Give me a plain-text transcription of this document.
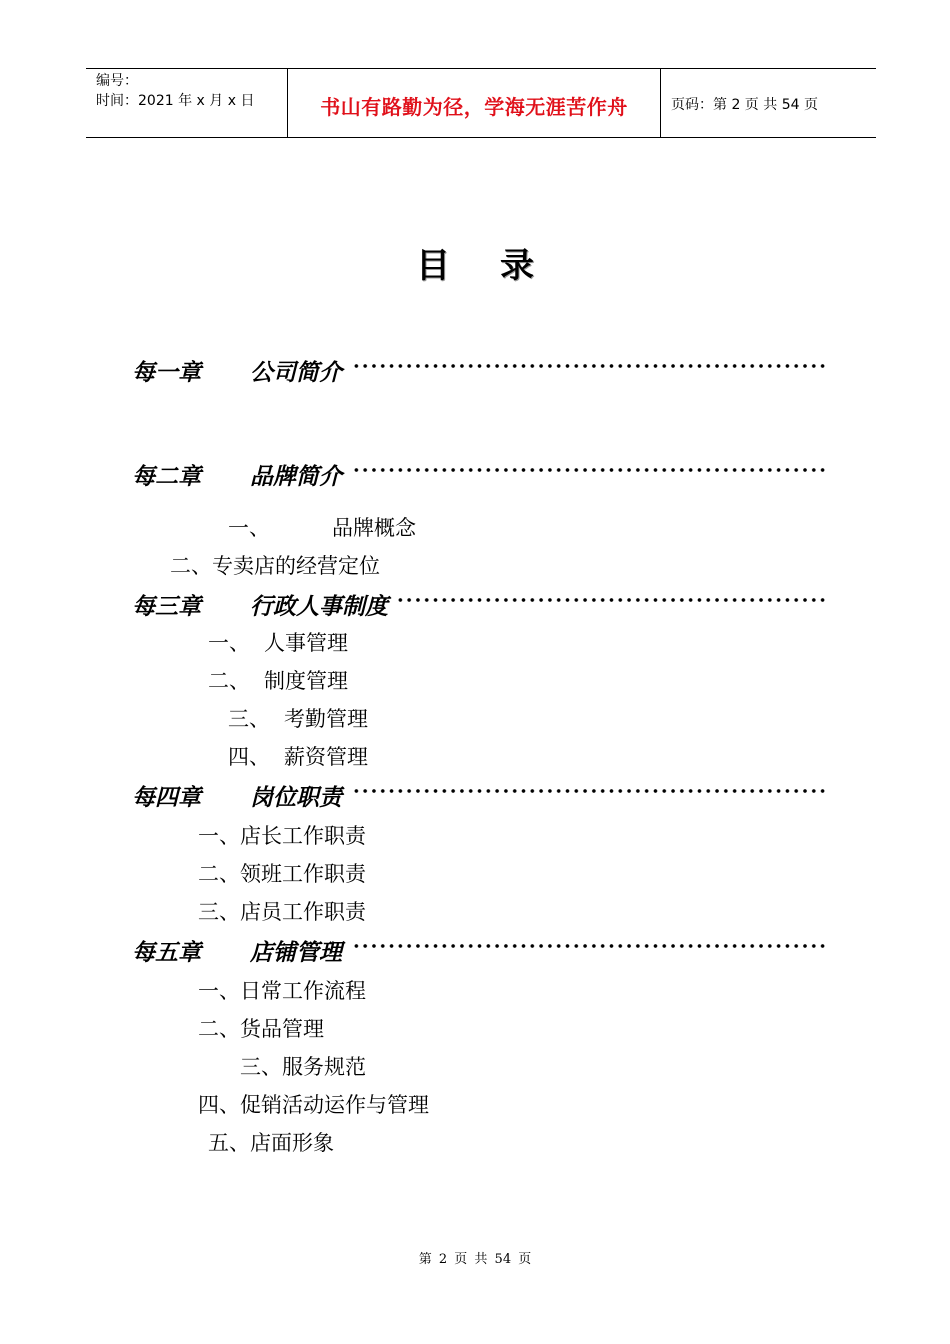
编号：
时间：2021 年 x 月 x 日	书山有路勤为径，学海无涯苦作舟	页码：第 2 页 共 54 页
目录
每一章 公司简介
每二章 品牌简介
一、	品牌概念
二、专卖店的经营定位
每三章 行政人事制度
一、 人事管理
二、 制度管理
三、 考勤管理
四、 薪资管理
每四章 岗位职责
一、店长工作职责
二、领班工作职责
三、店员工作职责
每五章 店铺管理
一、日常工作流程
二、货品管理
三、服务规范
四、促销活动运作与管理
五、店面形象
第 2 页 共 54 页
